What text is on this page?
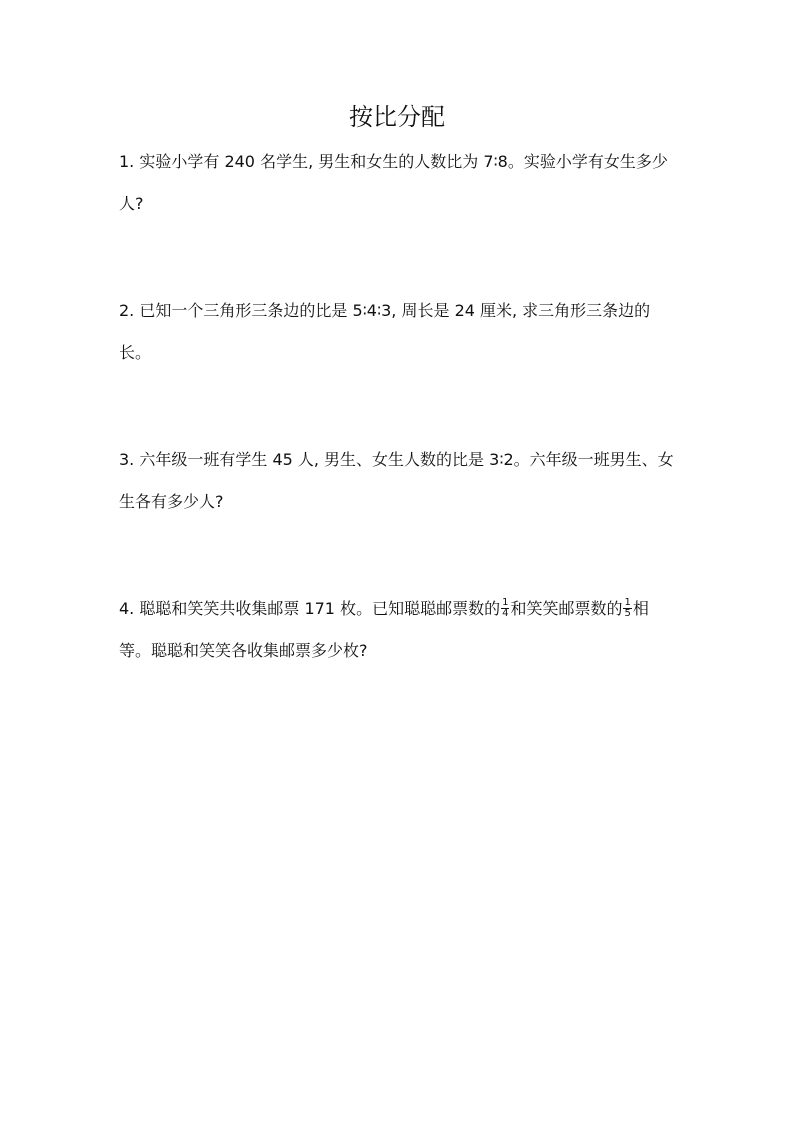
按比分配

1. 实验小学有 240 名学生, 男生和女生的人数比为 7∶8。实验小学有女生多少人?

2. 已知一个三角形三条边的比是 5∶4∶3, 周长是 24 厘米, 求三角形三条边的长。

3. 六年级一班有学生 45 人, 男生、女生人数的比是 3∶2。六年级一班男生、女生各有多少人?

4. 聪聪和笑笑共收集邮票 171 枚。已知聪聪邮票数的 $\frac{1}{4}$ 和笑笑邮票数的 $\frac{1}{5}$ 相等。聪聪和笑笑各收集邮票多少枚?
